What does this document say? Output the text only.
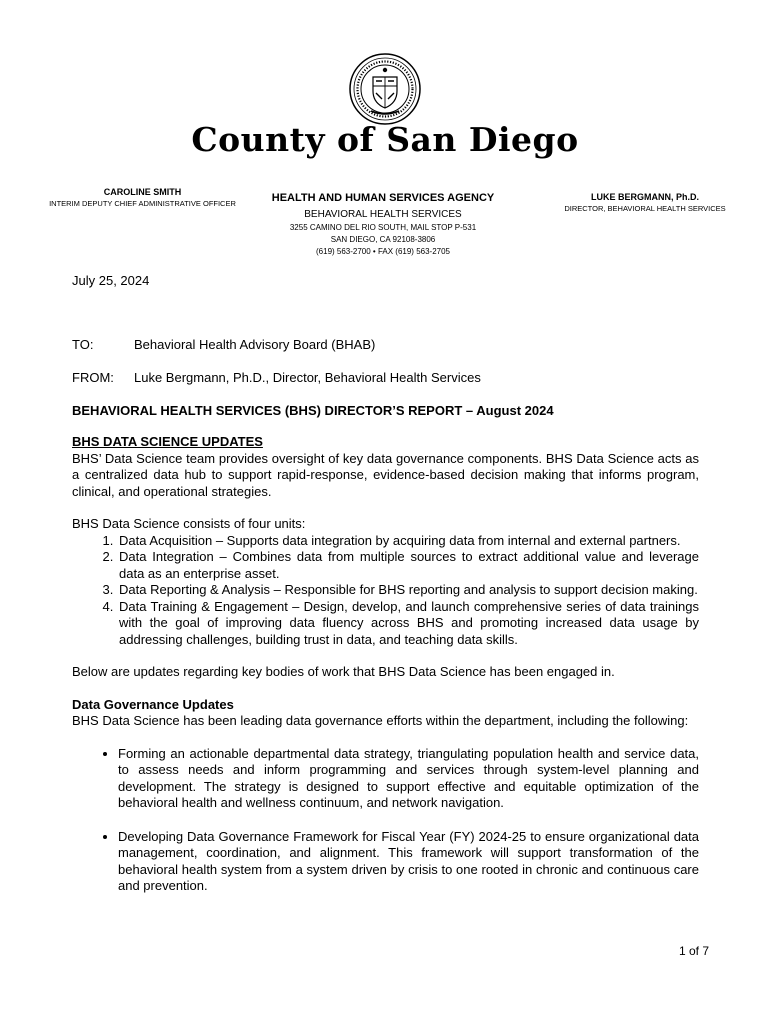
County of San Diego
CAROLINE SMITH
INTERIM DEPUTY CHIEF ADMINISTRATIVE OFFICER	HEALTH AND HUMAN SERVICES AGENCY
BEHAVIORAL HEALTH SERVICES
3255 CAMINO DEL RIO SOUTH, MAIL STOP P-531
SAN DIEGO, CA 92108-3806
(619) 563-2700 • FAX (619) 563-2705
LUKE BERGMANN, Ph.D.
DIRECTOR, BEHAVIORAL HEALTH SERVICES
July 25, 2024
TO:	Behavioral Health Advisory Board (BHAB)
FROM: Luke Bergmann, Ph.D., Director, Behavioral Health Services
BEHAVIORAL HEALTH SERVICES (BHS) DIRECTOR’S REPORT – August 2024
BHS DATA SCIENCE UPDATES

BHS’ Data Science team provides oversight of key data governance components. BHS Data Science acts as a centralized data hub to support rapid-response, evidence-based decision making that informs program, clinical, and operational strategies.

BHS Data Science consists of four units:

1. Data Acquisition – Supports data integration by acquiring data from internal and external partners.
2. Data Integration – Combines data from multiple sources to extract additional value and leverage data as an enterprise asset.
3. Data Reporting & Analysis – Responsible for BHS reporting and analysis to support decision making.
4. Data Training & Engagement – Design, develop, and launch comprehensive series of data trainings with the goal of improving data fluency across BHS and promoting increased data usage by addressing challenges, building trust in data, and teaching data skills.

Below are updates regarding key bodies of work that BHS Data Science has been engaged in.

Data Governance Updates

BHS Data Science has been leading data governance efforts within the department, including the following:

• Forming an actionable departmental data strategy, triangulating population health and service data, to assess needs and inform programming and services through system-level planning and development. The strategy is designed to support effective and equitable optimization of the behavioral health and wellness continuum, and network navigation.
• Developing Data Governance Framework for Fiscal Year (FY) 2024-25 to ensure organizational data management, coordination, and alignment. This framework will support transformation of the behavioral health system from a system driven by crisis to one rooted in chronic and continuous care and prevention.
1 of 7
